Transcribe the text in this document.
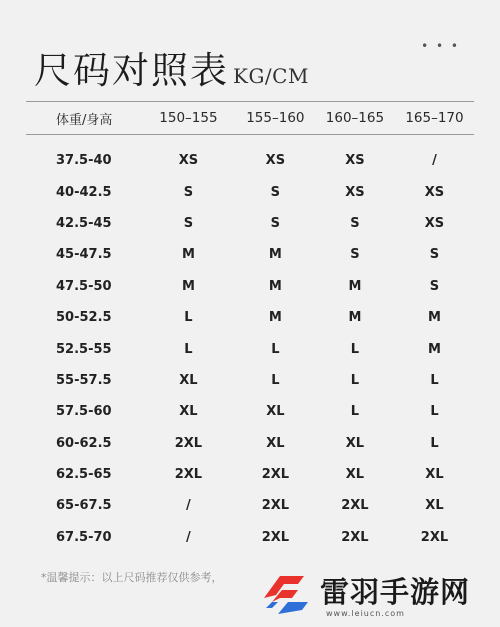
• • •
尺码对照表 KG/CM
体重/身高	150–155	155–160	160–165	165–170
37.5-40	XS	XS	XS	/
40-42.5	S	S	XS	XS
42.5-45	S	S	S	XS
45-47.5	M	M	S	S
47.5-50	M	M	M	S
50-52.5	L	M	M	M
52.5-55	L	L	L	M
55-57.5	XL	L	L	L
57.5-60	XL	XL	L	L
60-62.5	2XL	XL	XL	L
62.5-65	2XL	2XL	XL	XL
65-67.5	/	2XL	2XL	XL
67.5-70	/	2XL	2XL	2XL
*温馨提示：以上尺码推荐仅供参考，	雷羽手游网
www.leiucn.com
